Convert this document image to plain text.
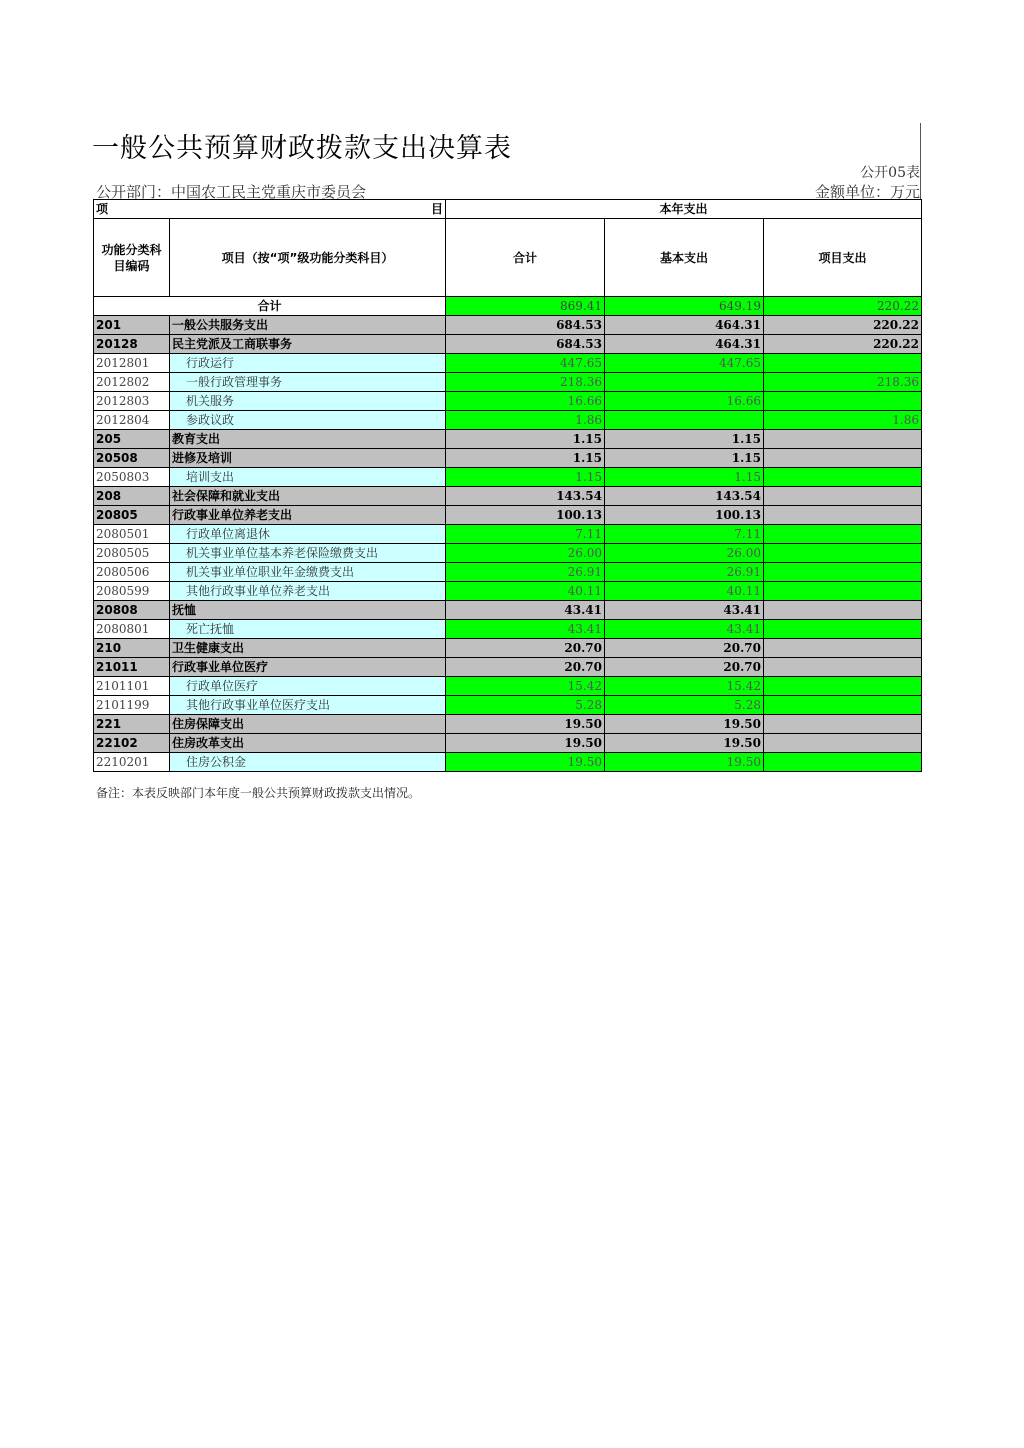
一般公共预算财政拨款支出决算表
公开05表
公开部门：中国农工民主党重庆市委员会	金额单位：万元
项 目		本年支出		
功能分类科目编码	项目（按“项”级功能分类科目）	合计	基本支出	项目支出
合计		869.41	649.19	220.22
201	一般公共服务支出	684.53	464.31	220.22
20128	民主党派及工商联事务	684.53	464.31	220.22
2012801	行政运行	447.65	447.65	
2012802	一般行政管理事务	218.36		218.36
2012803	机关服务	16.66	16.66	
2012804	参政议政	1.86		1.86
205	教育支出	1.15	1.15	
20508	进修及培训	1.15	1.15	
2050803	培训支出	1.15	1.15	
208	社会保障和就业支出	143.54	143.54	
20805	行政事业单位养老支出	100.13	100.13	
2080501	行政单位离退休	7.11	7.11	
2080505	机关事业单位基本养老保险缴费支出	26.00	26.00	
2080506	机关事业单位职业年金缴费支出	26.91	26.91	
2080599	其他行政事业单位养老支出	40.11	40.11	
20808	抚恤	43.41	43.41	
2080801	死亡抚恤	43.41	43.41	
210	卫生健康支出	20.70	20.70	
21011	行政事业单位医疗	20.70	20.70	
2101101	行政单位医疗	15.42	15.42	
2101199	其他行政事业单位医疗支出	5.28	5.28	
221	住房保障支出	19.50	19.50	
22102	住房改革支出	19.50	19.50	
2210201	住房公积金	19.50	19.50	
备注：本表反映部门本年度一般公共预算财政拨款支出情况。
